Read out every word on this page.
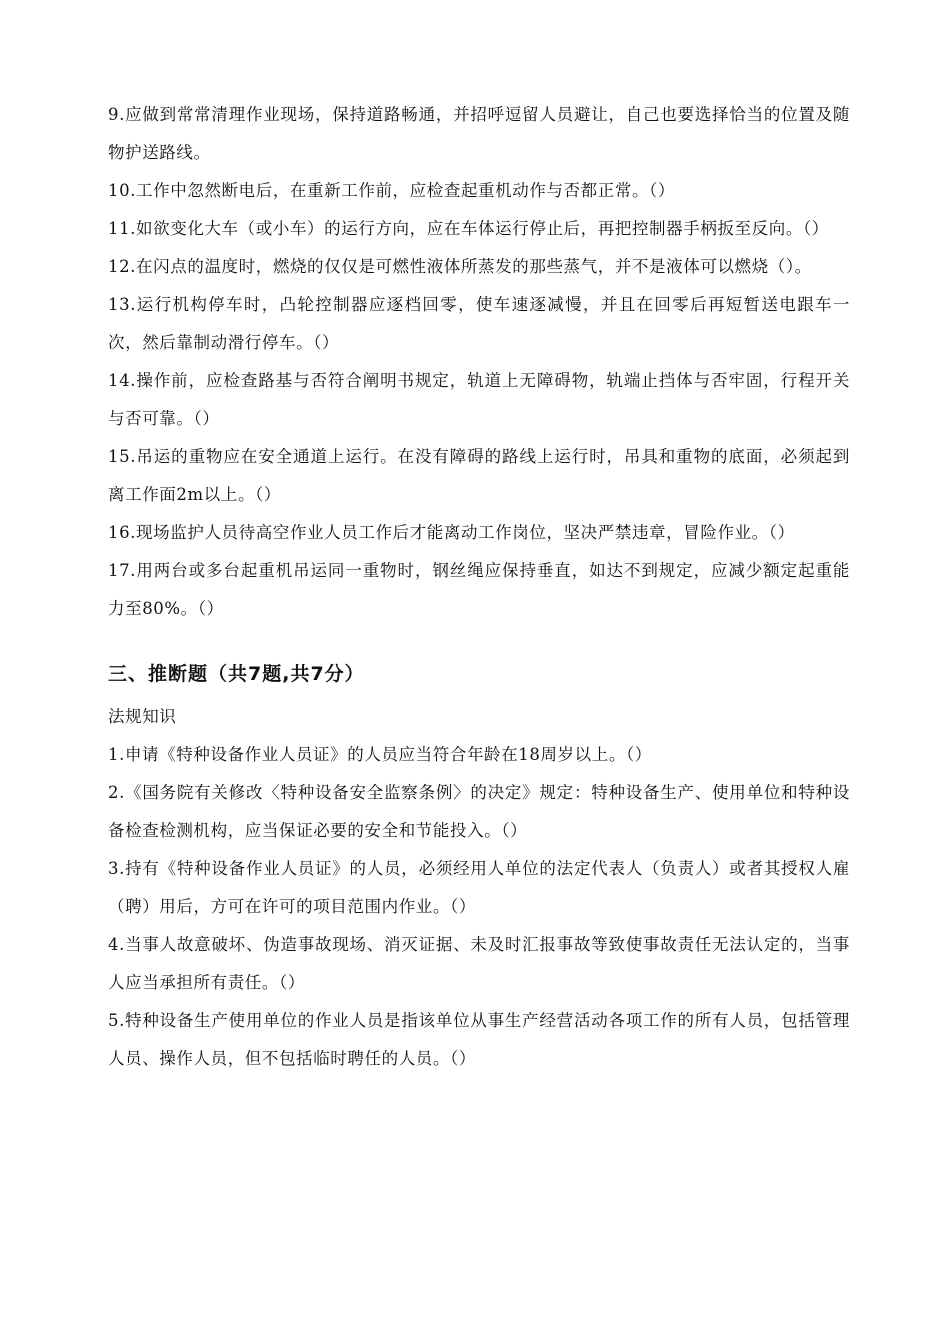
9.应做到常常清理作业现场，保持道路畅通，并招呼逗留人员避让，自己也要选择恰当的位置及随物护送路线。

10.工作中忽然断电后，在重新工作前，应检查起重机动作与否都正常。（）

11.如欲变化大车（或小车）的运行方向，应在车体运行停止后，再把控制器手柄扳至反向。（）

12.在闪点的温度时，燃烧的仅仅是可燃性液体所蒸发的那些蒸气，并不是液体可以燃烧（）。

13.运行机构停车时，凸轮控制器应逐档回零，使车速逐减慢，并且在回零后再短暂送电跟车一次，然后靠制动滑行停车。（）

14.操作前，应检查路基与否符合阐明书规定，轨道上无障碍物，轨端止挡体与否牢固，行程开关与否可靠。（）

15.吊运的重物应在安全通道上运行。在没有障碍的路线上运行时，吊具和重物的底面，必须起到离工作面2m以上。（）

16.现场监护人员待高空作业人员工作后才能离动工作岗位，坚决严禁违章，冒险作业。（）

17.用两台或多台起重机吊运同一重物时，钢丝绳应保持垂直，如达不到规定，应减少额定起重能力至80%。（）

三、推断题（共7题,共7分）

法规知识

1.申请《特种设备作业人员证》的人员应当符合年龄在18周岁以上。（）

2.《国务院有关修改〈特种设备安全监察条例〉的决定》规定：特种设备生产、使用单位和特种设备检查检测机构，应当保证必要的安全和节能投入。（）

3.持有《特种设备作业人员证》的人员，必须经用人单位的法定代表人（负责人）或者其授权人雇（聘）用后，方可在许可的项目范围内作业。（）

4.当事人故意破坏、伪造事故现场、消灭证据、未及时汇报事故等致使事故责任无法认定的，当事人应当承担所有责任。（）

5.特种设备生产使用单位的作业人员是指该单位从事生产经营活动各项工作的所有人员，包括管理人员、操作人员，但不包括临时聘任的人员。（）
